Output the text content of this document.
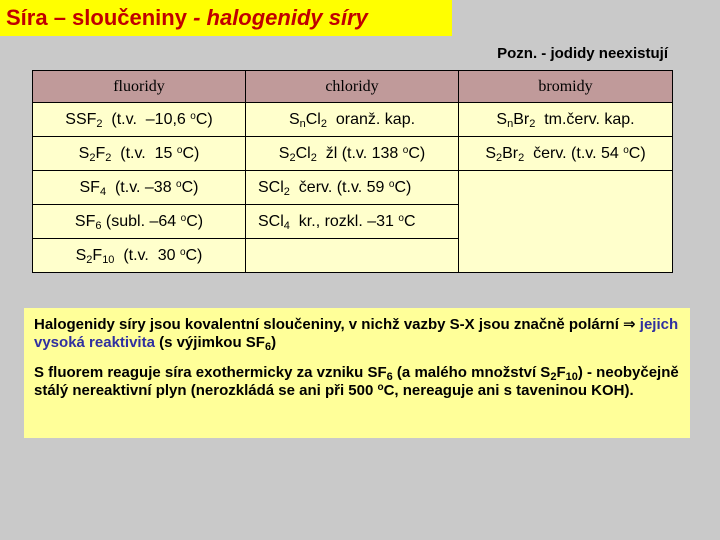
Síra – sloučeniny - halogenidy síry
Pozn. - jodidy neexistují
fluoridy	chloridy	bromidy
$SSF_2$  (t.v.  –10,6 $^o$C)	$S_nCl_2$  oranž. kap.	$S_nBr_2$  tm.červ. kap.
$S_2F_2$  (t.v.  15 $^o$C)	$S_2Cl_2$  žl (t.v. 138 $^o$C)	$S_2Br_2$  červ. (t.v. 54 $^o$C)
$SF_4$  (t.v. –38 $^o$C)	SCl$_2$  červ. (t.v. 59 $^o$C)	
$SF_6$ (subl. –64 $^o$C)	SCl$_4$  kr., rozkl. –31 $^o$C	
$S_2F_{10}$  (t.v.  30 $^o$C)		

Halogenidy síry jsou kovalentní sloučeniny, v nichž vazby S-X jsou značně polární ⇒ jejich vysoká reaktivita (s výjimkou $SF_6$)

S fluorem reaguje síra exothermicky za vzniku $SF_6$ (a malého množství $S_2F_{10}$) - neobyčejně stálý nereaktivní plyn (nerozkládá se ani při 500 $^o$C, nereaguje ani s taveninou KOH).
